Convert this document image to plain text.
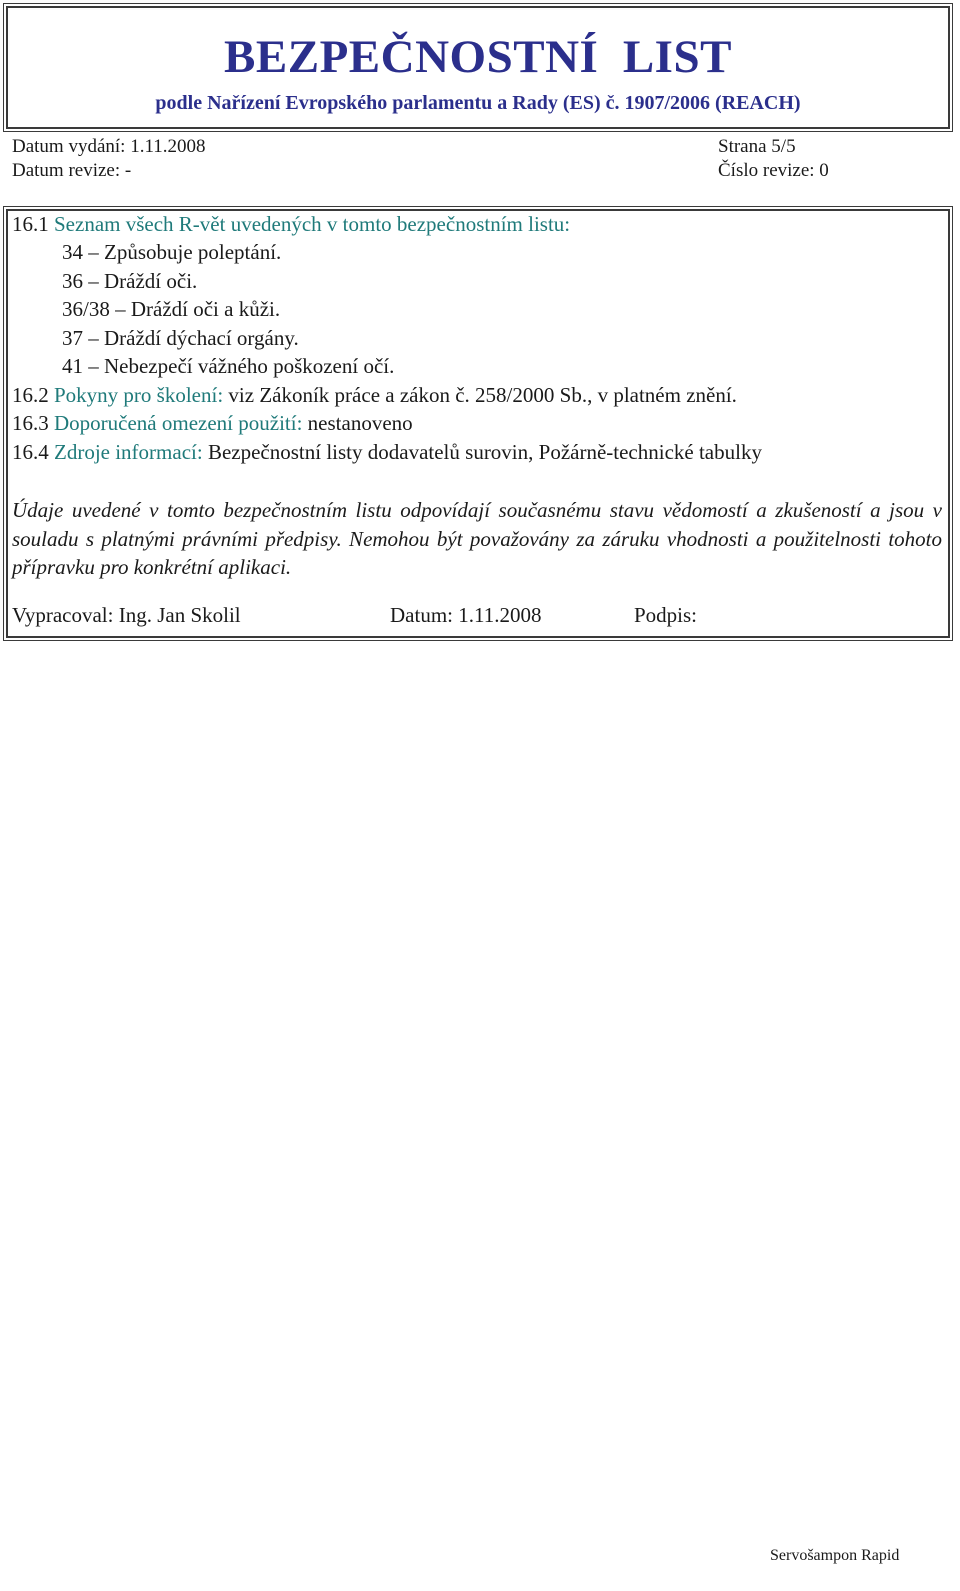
BEZPEČNOSTNÍ  LIST
podle Nařízení Evropského parlamentu a Rady (ES) č. 1907/2006 (REACH)
Datum vydání: 1.11.2008	Strana 5/5
Datum revize: -	Číslo revize: 0
16.1 Seznam všech R-vět uvedených v tomto bezpečnostním listu:
34 – Způsobuje poleptání.
36 – Dráždí oči.
36/38 – Dráždí oči a kůži.
37 – Dráždí dýchací orgány.
41 – Nebezpečí vážného poškození očí.
16.2 Pokyny pro školení: viz Zákoník práce a zákon č. 258/2000 Sb., v platném znění.
16.3 Doporučená omezení použití: nestanoveno
16.4 Zdroje informací: Bezpečnostní listy dodavatelů surovin, Požárně-technické tabulky
Údaje uvedené v tomto bezpečnostním listu odpovídají současnému stavu vědomostí a zkušeností a jsou v souladu s platnými právními předpisy. Nemohou být považovány za záruku vhodnosti a použitelnosti tohoto přípravku pro konkrétní aplikaci.
Vypracoval: Ing. Jan Skolil	Datum: 1.11.2008	Podpis:
Servošampon Rapid
